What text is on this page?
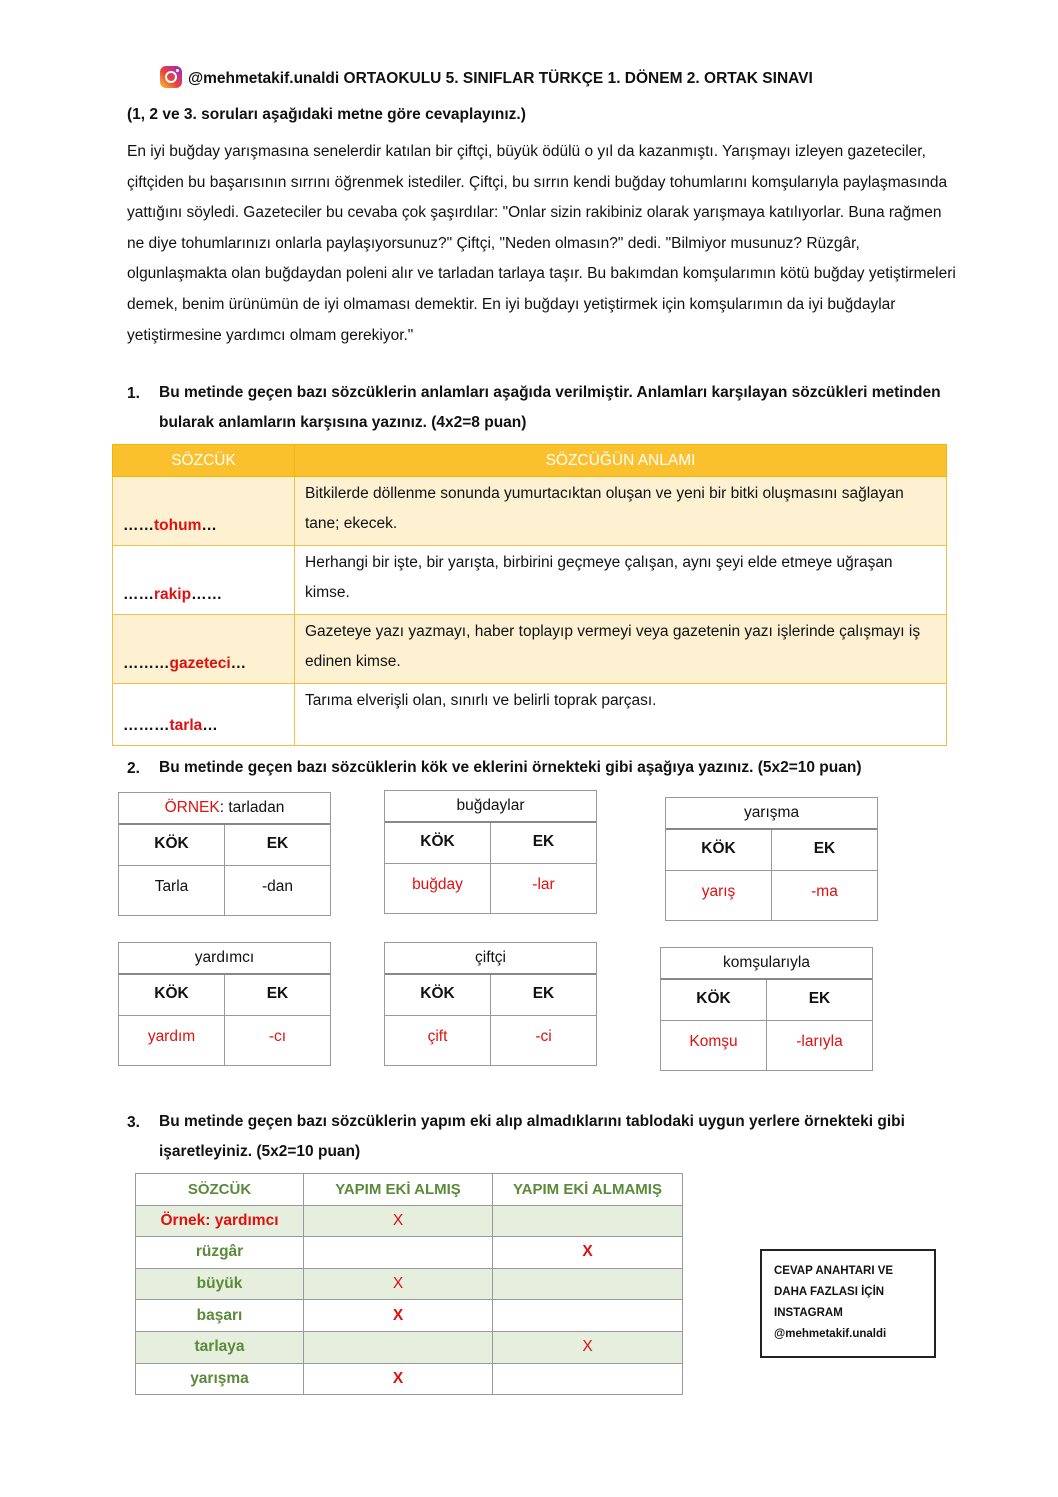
@mehmetakif.unaldi ORTAOKULU 5. SINIFLAR TÜRKÇE 1. DÖNEM 2. ORTAK SINAVI
(1, 2 ve 3. soruları aşağıdaki metne göre cevaplayınız.)
En iyi buğday yarışmasına senelerdir katılan bir çiftçi, büyük ödülü o yıl da kazanmıştı. Yarışmayı izleyen gazeteciler, çiftçiden bu başarısının sırrını öğrenmek istediler. Çiftçi, bu sırrın kendi buğday tohumlarını komşularıyla paylaşmasında yattığını söyledi. Gazeteciler bu cevaba çok şaşırdılar: "Onlar sizin rakibiniz olarak yarışmaya katılıyorlar. Buna rağmen ne diye tohumlarınızı onlarla paylaşıyorsunuz?" Çiftçi, "Neden olmasın?" dedi. "Bilmiyor musunuz? Rüzgâr, olgunlaşmakta olan buğdaydan poleni alır ve tarladan tarlaya taşır. Bu bakımdan komşularımın kötü buğday yetiştirmeleri demek, benim ürünümün de iyi olmaması demektir. En iyi buğdayı yetiştirmek için komşularımın da iyi buğdaylar yetiştirmesine yardımcı olmam gerekiyor."
1. Bu metinde geçen bazı sözcüklerin anlamları aşağıda verilmiştir. Anlamları karşılayan sözcükleri metinden bularak anlamların karşısına yazınız. (4x2=8 puan)
SÖZCÜK	SÖZCÜĞÜN ANLAMI
……tohum…	Bitkilerde döllenme sonunda yumurtacıktan oluşan ve yeni bir bitki oluşmasını sağlayan tane; ekecek.
……rakip……	Herhangi bir işte, bir yarışta, birbirini geçmeye çalışan, aynı şeyi elde etmeye uğraşan kimse.
………gazeteci…	Gazeteye yazı yazmayı, haber toplayıp vermeyi veya gazetenin yazı işlerinde çalışmayı iş edinen kimse.
………tarla…	Tarıma elverişli olan, sınırlı ve belirli toprak parçası.
2. Bu metinde geçen bazı sözcüklerin kök ve eklerini örnekteki gibi aşağıya yazınız. (5x2=10 puan)
ÖRNEK: tarladan
KÖK	EK
Tarla	-dan
buğdaylar
KÖK	EK
buğday	-lar
yarışma
KÖK	EK
yarış	-ma
yardımcı
KÖK	EK
yardım	-cı
çiftçi
KÖK	EK
çift	-ci
komşularıyla
KÖK	EK
Komşu	-larıyla
3. Bu metinde geçen bazı sözcüklerin yapım eki alıp almadıklarını tablodaki uygun yerlere örnekteki gibi işaretleyiniz. (5x2=10 puan)
SÖZCÜK	YAPIM EKİ ALMIŞ	YAPIM EKİ ALMAMIŞ
Örnek: yardımcı	X	
rüzgâr		X
büyük	X	
başarı	X	
tarlaya		X
yarışma	X	
CEVAP ANAHTARI VE
DAHA FAZLASI İÇİN
INSTAGRAM
@mehmetakif.unaldi
